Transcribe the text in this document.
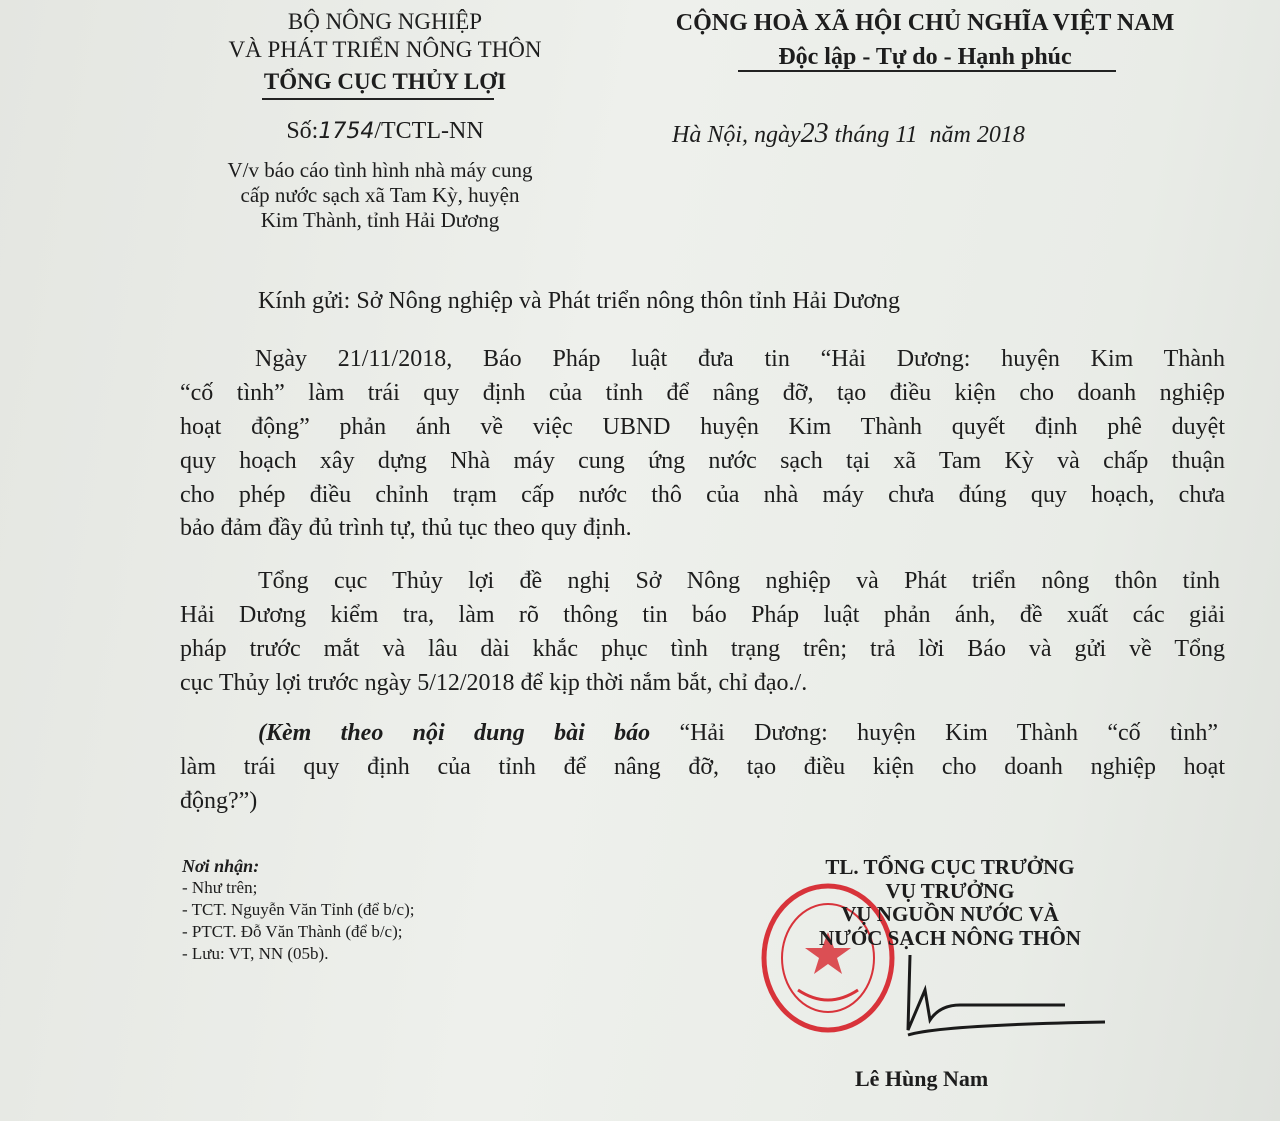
BỘ NÔNG NGHIỆP
VÀ PHÁT TRIỂN NÔNG THÔN
TỔNG CỤC THỦY LỢI
Số:1754/TCTL-NN
V/v báo cáo tình hình nhà máy cung
cấp nước sạch xã Tam Kỳ, huyện
Kim Thành, tỉnh Hải Dương
CỘNG HOÀ XÃ HỘI CHỦ NGHĨA VIỆT NAM
Độc lập - Tự do - Hạnh phúc
Hà Nội, ngày23 tháng 11  năm 2018
Kính gửi: Sở Nông nghiệp và Phát triển nông thôn tỉnh Hải Dương
Ngày 21/11/2018, Báo Pháp luật đưa tin “Hải Dương: huyện Kim Thành
“cố tình” làm trái quy định của tỉnh để nâng đỡ, tạo điều kiện cho doanh nghiệp
hoạt động” phản ánh về việc UBND huyện Kim Thành quyết định phê duyệt
quy hoạch xây dựng Nhà máy cung ứng nước sạch tại xã Tam Kỳ và chấp thuận
cho phép điều chỉnh trạm cấp nước thô của nhà máy chưa đúng quy hoạch, chưa
bảo đảm đầy đủ trình tự, thủ tục theo quy định.
Tổng cục Thủy lợi đề nghị Sở Nông nghiệp và Phát triển nông thôn tỉnh
Hải Dương kiểm tra, làm rõ thông tin báo Pháp luật phản ánh, đề xuất các giải
pháp trước mắt và lâu dài khắc phục tình trạng trên; trả lời Báo và gửi về Tổng
cục Thủy lợi trước ngày 5/12/2018 để kịp thời nắm bắt, chỉ đạo./.
(Kèm theo nội dung bài báo “Hải Dương: huyện Kim Thành “cố tình”
làm trái quy định của tỉnh để nâng đỡ, tạo điều kiện cho doanh nghiệp hoạt
động?”)
Nơi nhận:
- Như trên;
- TCT. Nguyễn Văn Tỉnh (để b/c);
- PTCT. Đỗ Văn Thành (để b/c);
- Lưu: VT, NN (05b).
TL. TỔNG CỤC TRƯỞNG
VỤ TRƯỞNG
VỤ NGUỒN NƯỚC VÀ
NƯỚC SẠCH NÔNG THÔN
Lê Hùng Nam
